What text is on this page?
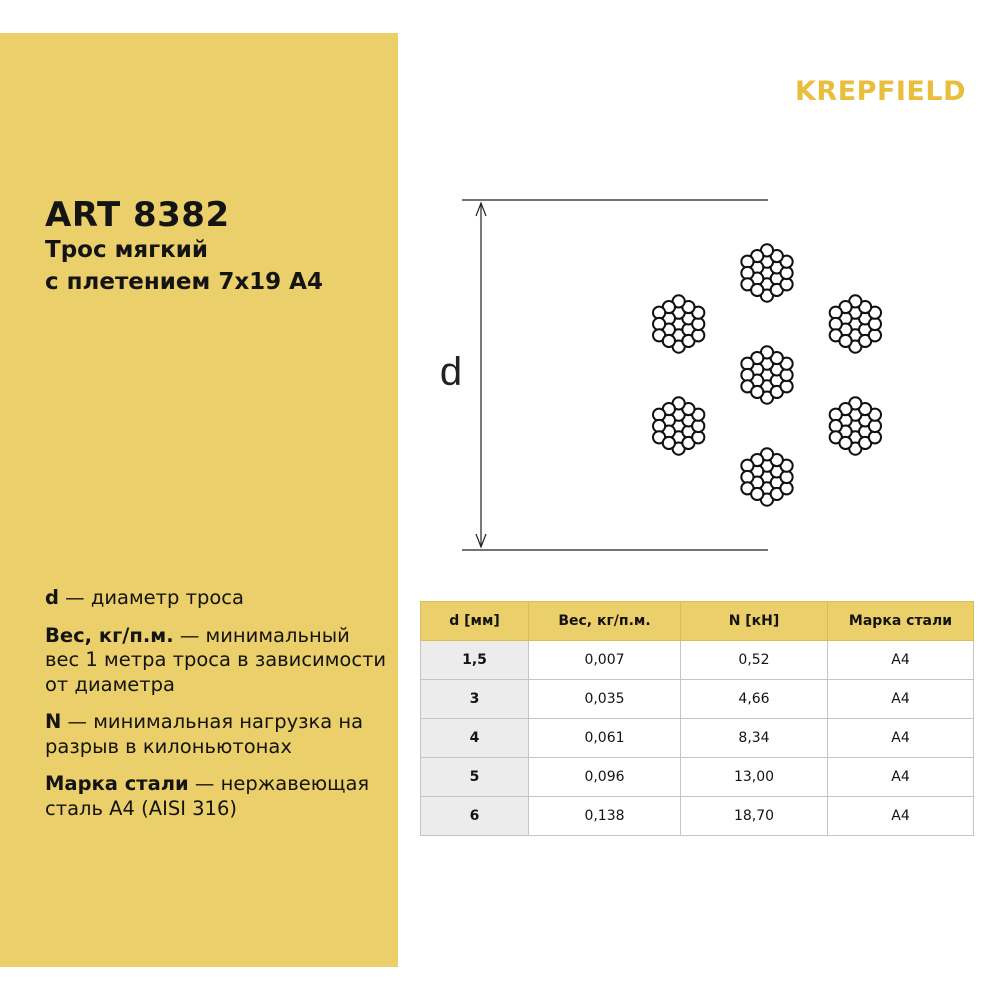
ART 8382
Трос мягкий
с плетением 7х19 А4

d — диаметр троса

Вес, кг/п.м. — минимальный вес 1 метра троса в зависимости от диаметра

N — минимальная нагрузка на разрыв в килоньютонах

Марка стали — нержавеющая сталь А4 (AISI 316)

KREPFIELD
d
d [мм]	Вес, кг/п.м.	N [кН]	Марка стали
1,5	0,007	0,52	А4
3	0,035	4,66	А4
4	0,061	8,34	А4
5	0,096	13,00	А4
6	0,138	18,70	А4
